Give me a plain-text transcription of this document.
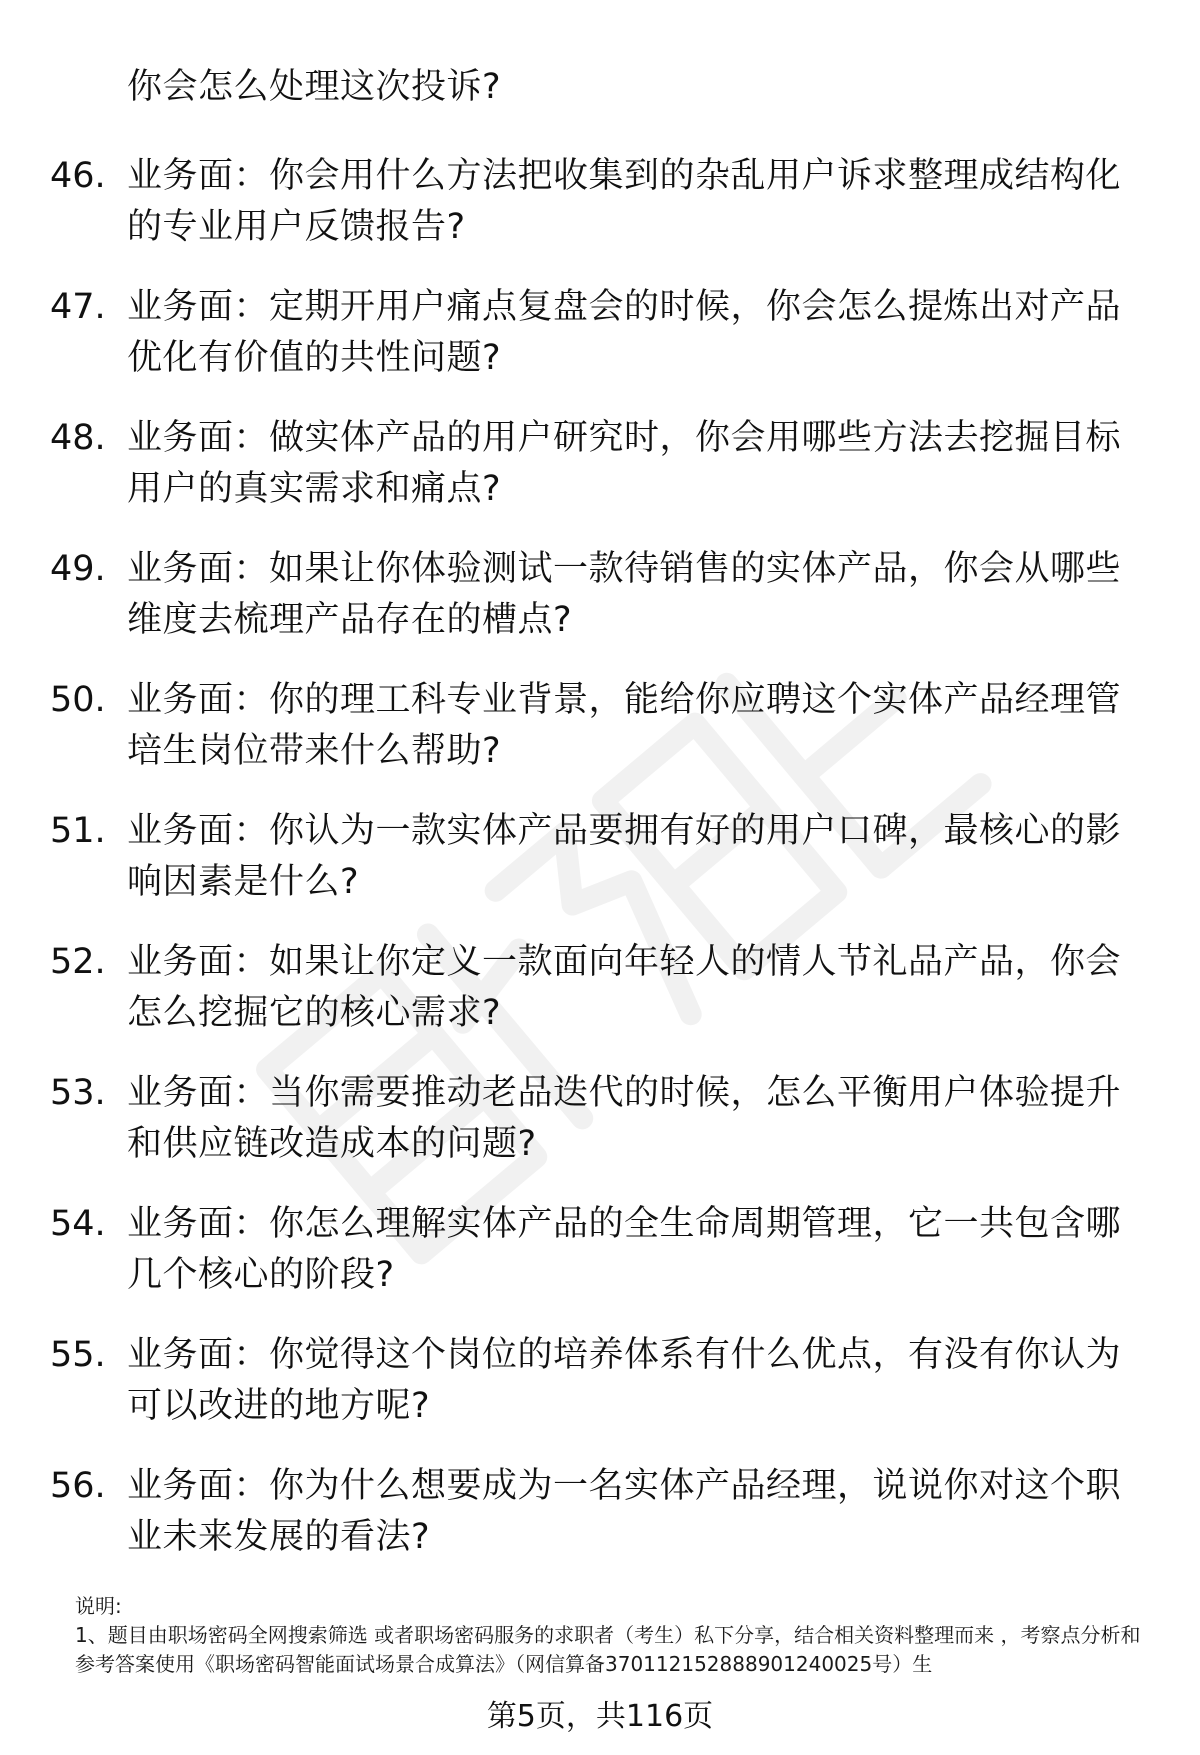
你会怎么处理这次投诉?
46. 业务面：你会用什么方法把收集到的杂乱用户诉求整理成结构化的专业用户反馈报告?
47. 业务面：定期开用户痛点复盘会的时候，你会怎么提炼出对产品优化有价值的共性问题?
48. 业务面：做实体产品的用户研究时，你会用哪些方法去挖掘目标用户的真实需求和痛点?
49. 业务面：如果让你体验测试一款待销售的实体产品，你会从哪些维度去梳理产品存在的槽点?
50. 业务面：你的理工科专业背景，能给你应聘这个实体产品经理管培生岗位带来什么帮助?
51. 业务面：你认为一款实体产品要拥有好的用户口碑，最核心的影响因素是什么?
52. 业务面：如果让你定义一款面向年轻人的情人节礼品产品，你会怎么挖掘它的核心需求?
53. 业务面：当你需要推动老品迭代的时候，怎么平衡用户体验提升和供应链改造成本的问题?
54. 业务面：你怎么理解实体产品的全生命周期管理，它一共包含哪几个核心的阶段?
55. 业务面：你觉得这个岗位的培养体系有什么优点，有没有你认为可以改进的地方呢?
56. 业务面：你为什么想要成为一名实体产品经理，说说你对这个职业未来发展的看法?

说明:

1、题目由职场密码全网搜索筛选 或者职场密码服务的求职者（考生）私下分享，结合相关资料整理而来 ，考察点分析和参考答案使用《职场密码智能面试场景合成算法》（网信算备370112152888901240025号）生

第5页，共116页
